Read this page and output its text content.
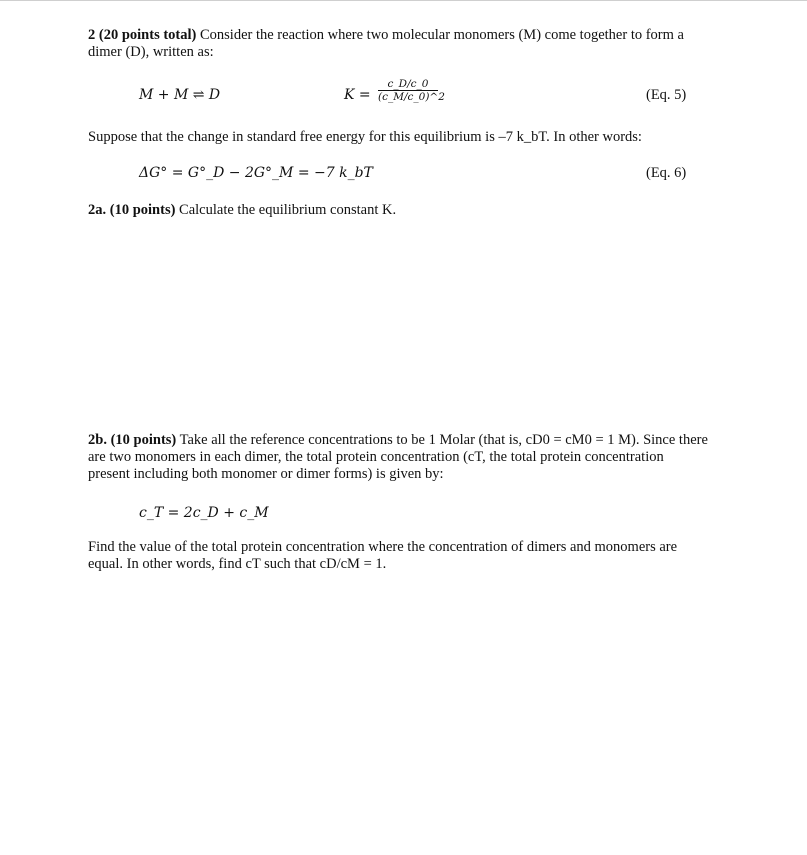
2 (20 points total) Consider the reaction where two molecular monomers (M) come together to form a
dimer (D), written as:
M + M ⇌ D	$K = \frac{c\_D/c\_0}{(c\_M/c\_0)\^{}2}$	(Eq. 5)
Suppose that the change in standard free energy for this equilibrium is –7 k_bT. In other words:
ΔG° = G°_D − 2G°_M = −7 k_bT	(Eq. 6)
2a. (10 points) Calculate the equilibrium constant K.
2b. (10 points) Take all the reference concentrations to be 1 Molar (that is, cD0 = cM0 = 1 M). Since there
are two monomers in each dimer, the total protein concentration (cT, the total protein concentration
present including both monomer or dimer forms) is given by:
c_T = 2c_D + c_M
Find the value of the total protein concentration where the concentration of dimers and monomers are
equal. In other words, find cT such that cD/cM = 1.
